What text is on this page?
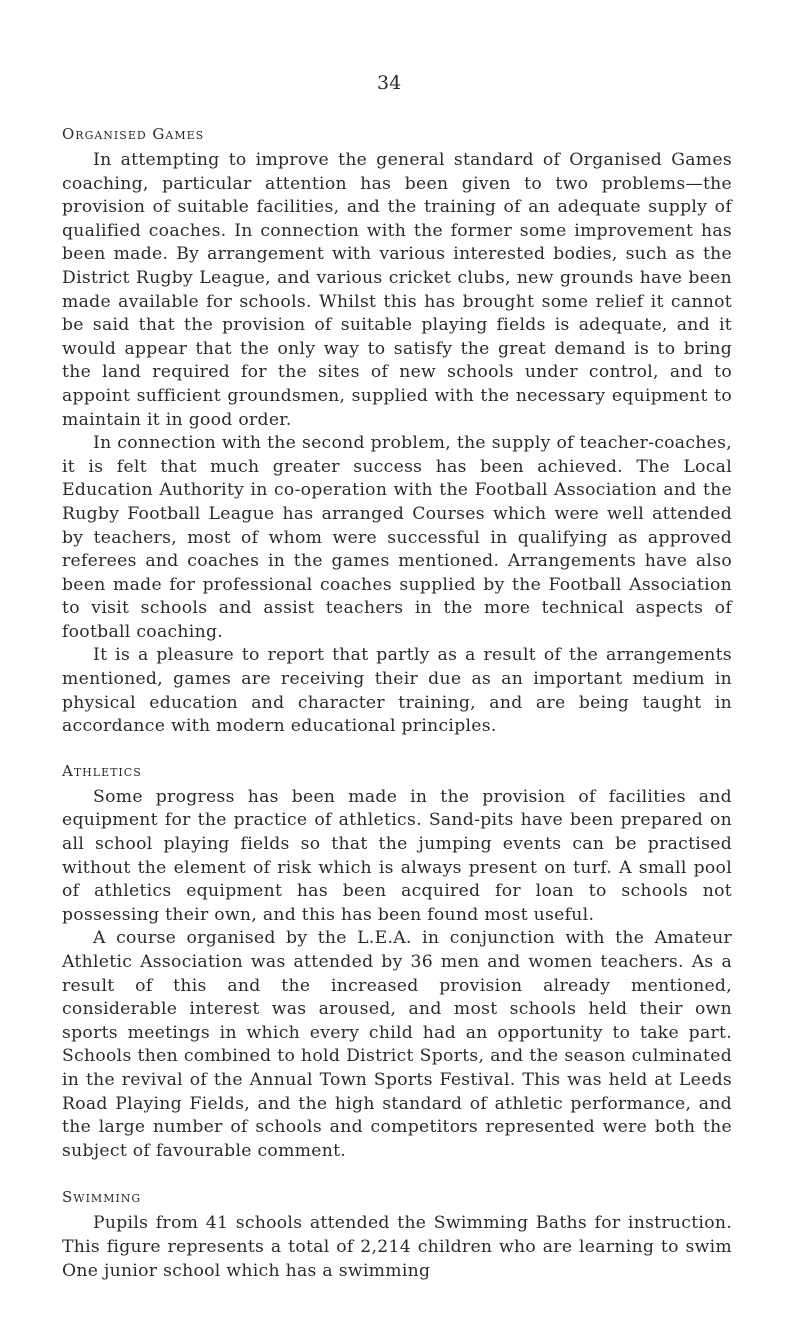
34
Organised Games

In attempting to improve the general standard of Organised Games coaching, particular attention has been given to two problems—the provision of suitable facilities, and the training of an adequate supply of qualified coaches. In connection with the former some improvement has been made. By arrangement with various interested bodies, such as the District Rugby League, and various cricket clubs, new grounds have been made available for schools. Whilst this has brought some relief it cannot be said that the provision of suitable playing fields is adequate, and it would appear that the only way to satisfy the great demand is to bring the land required for the sites of new schools under control, and to appoint sufficient groundsmen, supplied with the necessary equipment to maintain it in good order.

In connection with the second problem, the supply of teacher-coaches, it is felt that much greater success has been achieved. The Local Education Authority in co-operation with the Football Association and the Rugby Football League has arranged Courses which were well attended by teachers, most of whom were successful in qualifying as approved referees and coaches in the games mentioned. Arrangements have also been made for professional coaches supplied by the Football Association to visit schools and assist teachers in the more technical aspects of football coaching.

It is a pleasure to report that partly as a result of the arrangements mentioned, games are receiving their due as an important medium in physical education and character training, and are being taught in accordance with modern educational principles.

Athletics

Some progress has been made in the provision of facilities and equipment for the practice of athletics. Sand-pits have been prepared on all school playing fields so that the jumping events can be practised without the element of risk which is always present on turf. A small pool of athletics equipment has been acquired for loan to schools not possessing their own, and this has been found most useful.

A course organised by the L.E.A. in conjunction with the Amateur Athletic Association was attended by 36 men and women teachers. As a result of this and the increased provision already mentioned, considerable interest was aroused, and most schools held their own sports meetings in which every child had an opportunity to take part. Schools then combined to hold District Sports, and the season culminated in the revival of the Annual Town Sports Festival. This was held at Leeds Road Playing Fields, and the high standard of athletic performance, and the large number of schools and competitors represented were both the subject of favourable comment.

Swimming

Pupils from 41 schools attended the Swimming Baths for instruction. This figure represents a total of 2,214 children who are learning to swim One junior school which has a swimming
